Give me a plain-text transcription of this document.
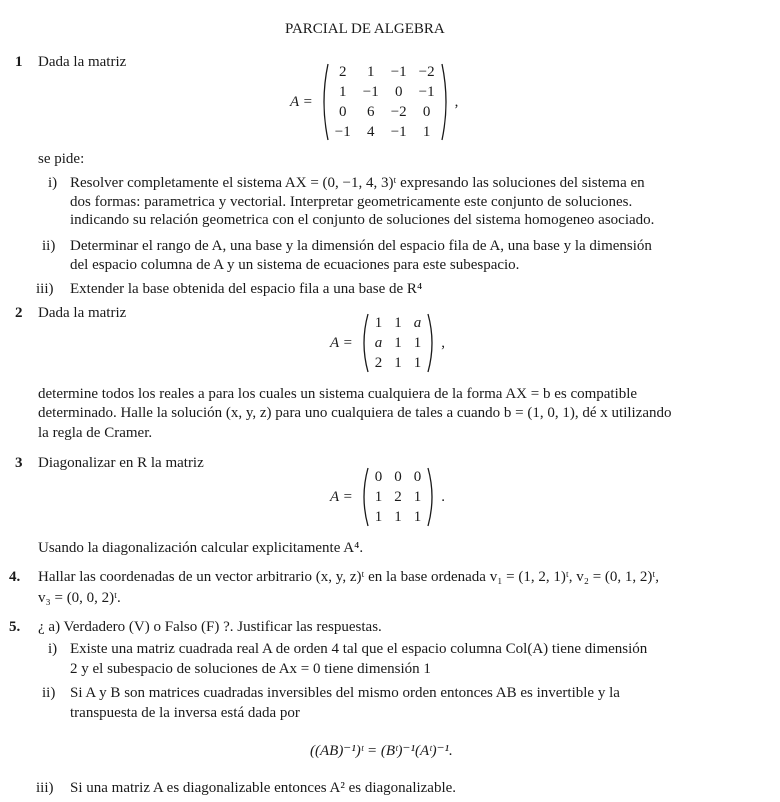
PARCIAL DE ALGEBRA
1 Dada la matriz
A =
2	1	−1	−2
1	−1	0	−1
0	6	−2	0
−1	4	−1	1
,
se pide:
i) Resolver completamente el sistema AX = (0, −1, 4, 3)ᵗ expresando las soluciones del sistema en
dos formas: parametrica y vectorial. Interpretar geometricamente este conjunto de soluciones.
indicando su relación geometrica con el conjunto de soluciones del sistema homogeneo asociado.
ii) Determinar el rango de A, una base y la dimensión del espacio fila de A, una base y la dimensión
del espacio columna de A y un sistema de ecuaciones para este subespacio.
iii) Extender la base obtenida del espacio fila a una base de R⁴
2 Dada la matriz
A =
1	1	a
a	1	1
2	1	1
,
determine todos los reales a para los cuales un sistema cualquiera de la forma AX = b es compatible
determinado. Halle la solución (x, y, z) para uno cualquiera de tales a cuando b = (1, 0, 1), dé x utilizando
la regla de Cramer.
3 Diagonalizar en R la matriz
A =
0	0	0
1	2	1
1	1	1
.
Usando la diagonalización calcular explicitamente A⁴.
4. Hallar las coordenadas de un vector arbitrario (x, y, z)ᵗ en la base ordenada v₁ = (1, 2, 1)ᵗ, v₂ = (0, 1, 2)ᵗ,
v₃ = (0, 0, 2)ᵗ.
5. ¿ a) Verdadero (V) o Falso (F) ?. Justificar las respuestas.
i) Existe una matriz cuadrada real A de orden 4 tal que el espacio columna Col(A) tiene dimensión
2 y el subespacio de soluciones de Ax = 0 tiene dimensión 1
ii) Si A y B son matrices cuadradas inversibles del mismo orden entonces AB es invertible y la
transpuesta de la inversa está dada por
((AB)⁻¹)ᵗ = (Bᵗ)⁻¹(Aᵗ)⁻¹.
iii) Si una matriz A es diagonalizable entonces A² es diagonalizable.
